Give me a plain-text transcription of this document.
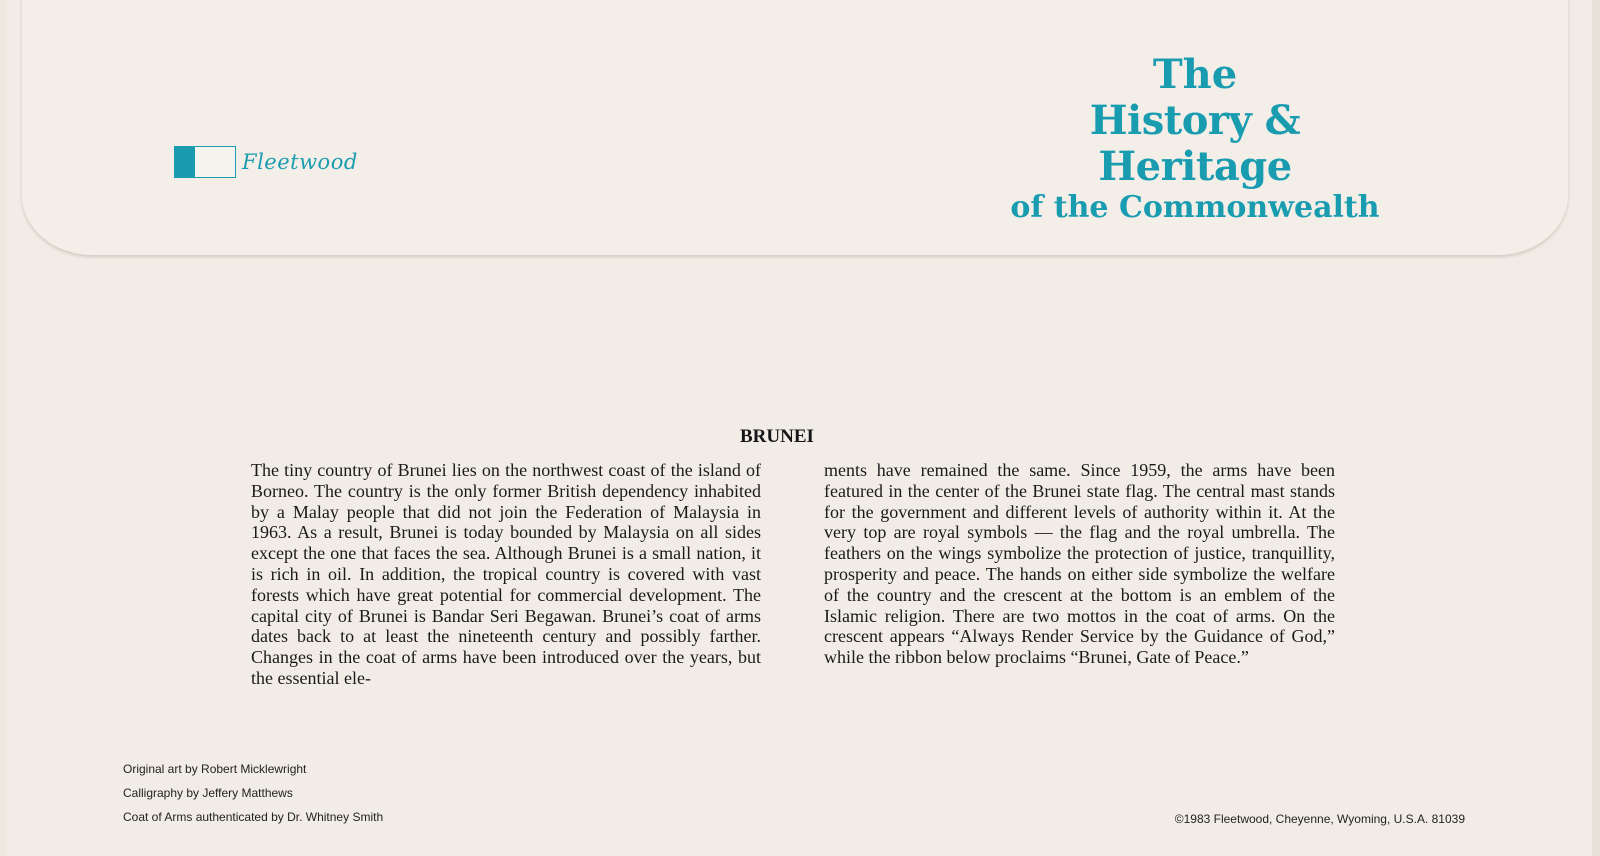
Fleetwood
The
History & Heritage
of the Commonwealth
BRUNEI

The tiny country of Brunei lies on the northwest coast of the island of Borneo. The country is the only former British dependency inhabited by a Malay people that did not join the Federation of Malaysia in 1963. As a result, Brunei is today bounded by Malaysia on all sides except the one that faces the sea. Although Brunei is a small nation, it is rich in oil. In addition, the tropical country is covered with vast forests which have great potential for commercial development. The capital city of Brunei is Bandar Seri Begawan. Brunei’s coat of arms dates back to at least the nineteenth century and possibly farther. Changes in the coat of arms have been introduced over the years, but the essential ele-

ments have remained the same. Since 1959, the arms have been featured in the center of the Brunei state flag. The central mast stands for the government and different levels of authority within it. At the very top are royal symbols — the flag and the royal umbrella. The feathers on the wings symbolize the protection of justice, tranquillity, prosperity and peace. The hands on either side symbolize the welfare of the country and the crescent at the bottom is an emblem of the Islamic religion. There are two mottos in the coat of arms. On the crescent appears “Always Render Service by the Guidance of God,” while the ribbon below proclaims “Brunei, Gate of Peace.”

Original art by Robert Micklewright
Calligraphy by Jeffery Matthews
Coat of Arms authenticated by Dr. Whitney Smith	©1983 Fleetwood, Cheyenne, Wyoming, U.S.A. 81039
